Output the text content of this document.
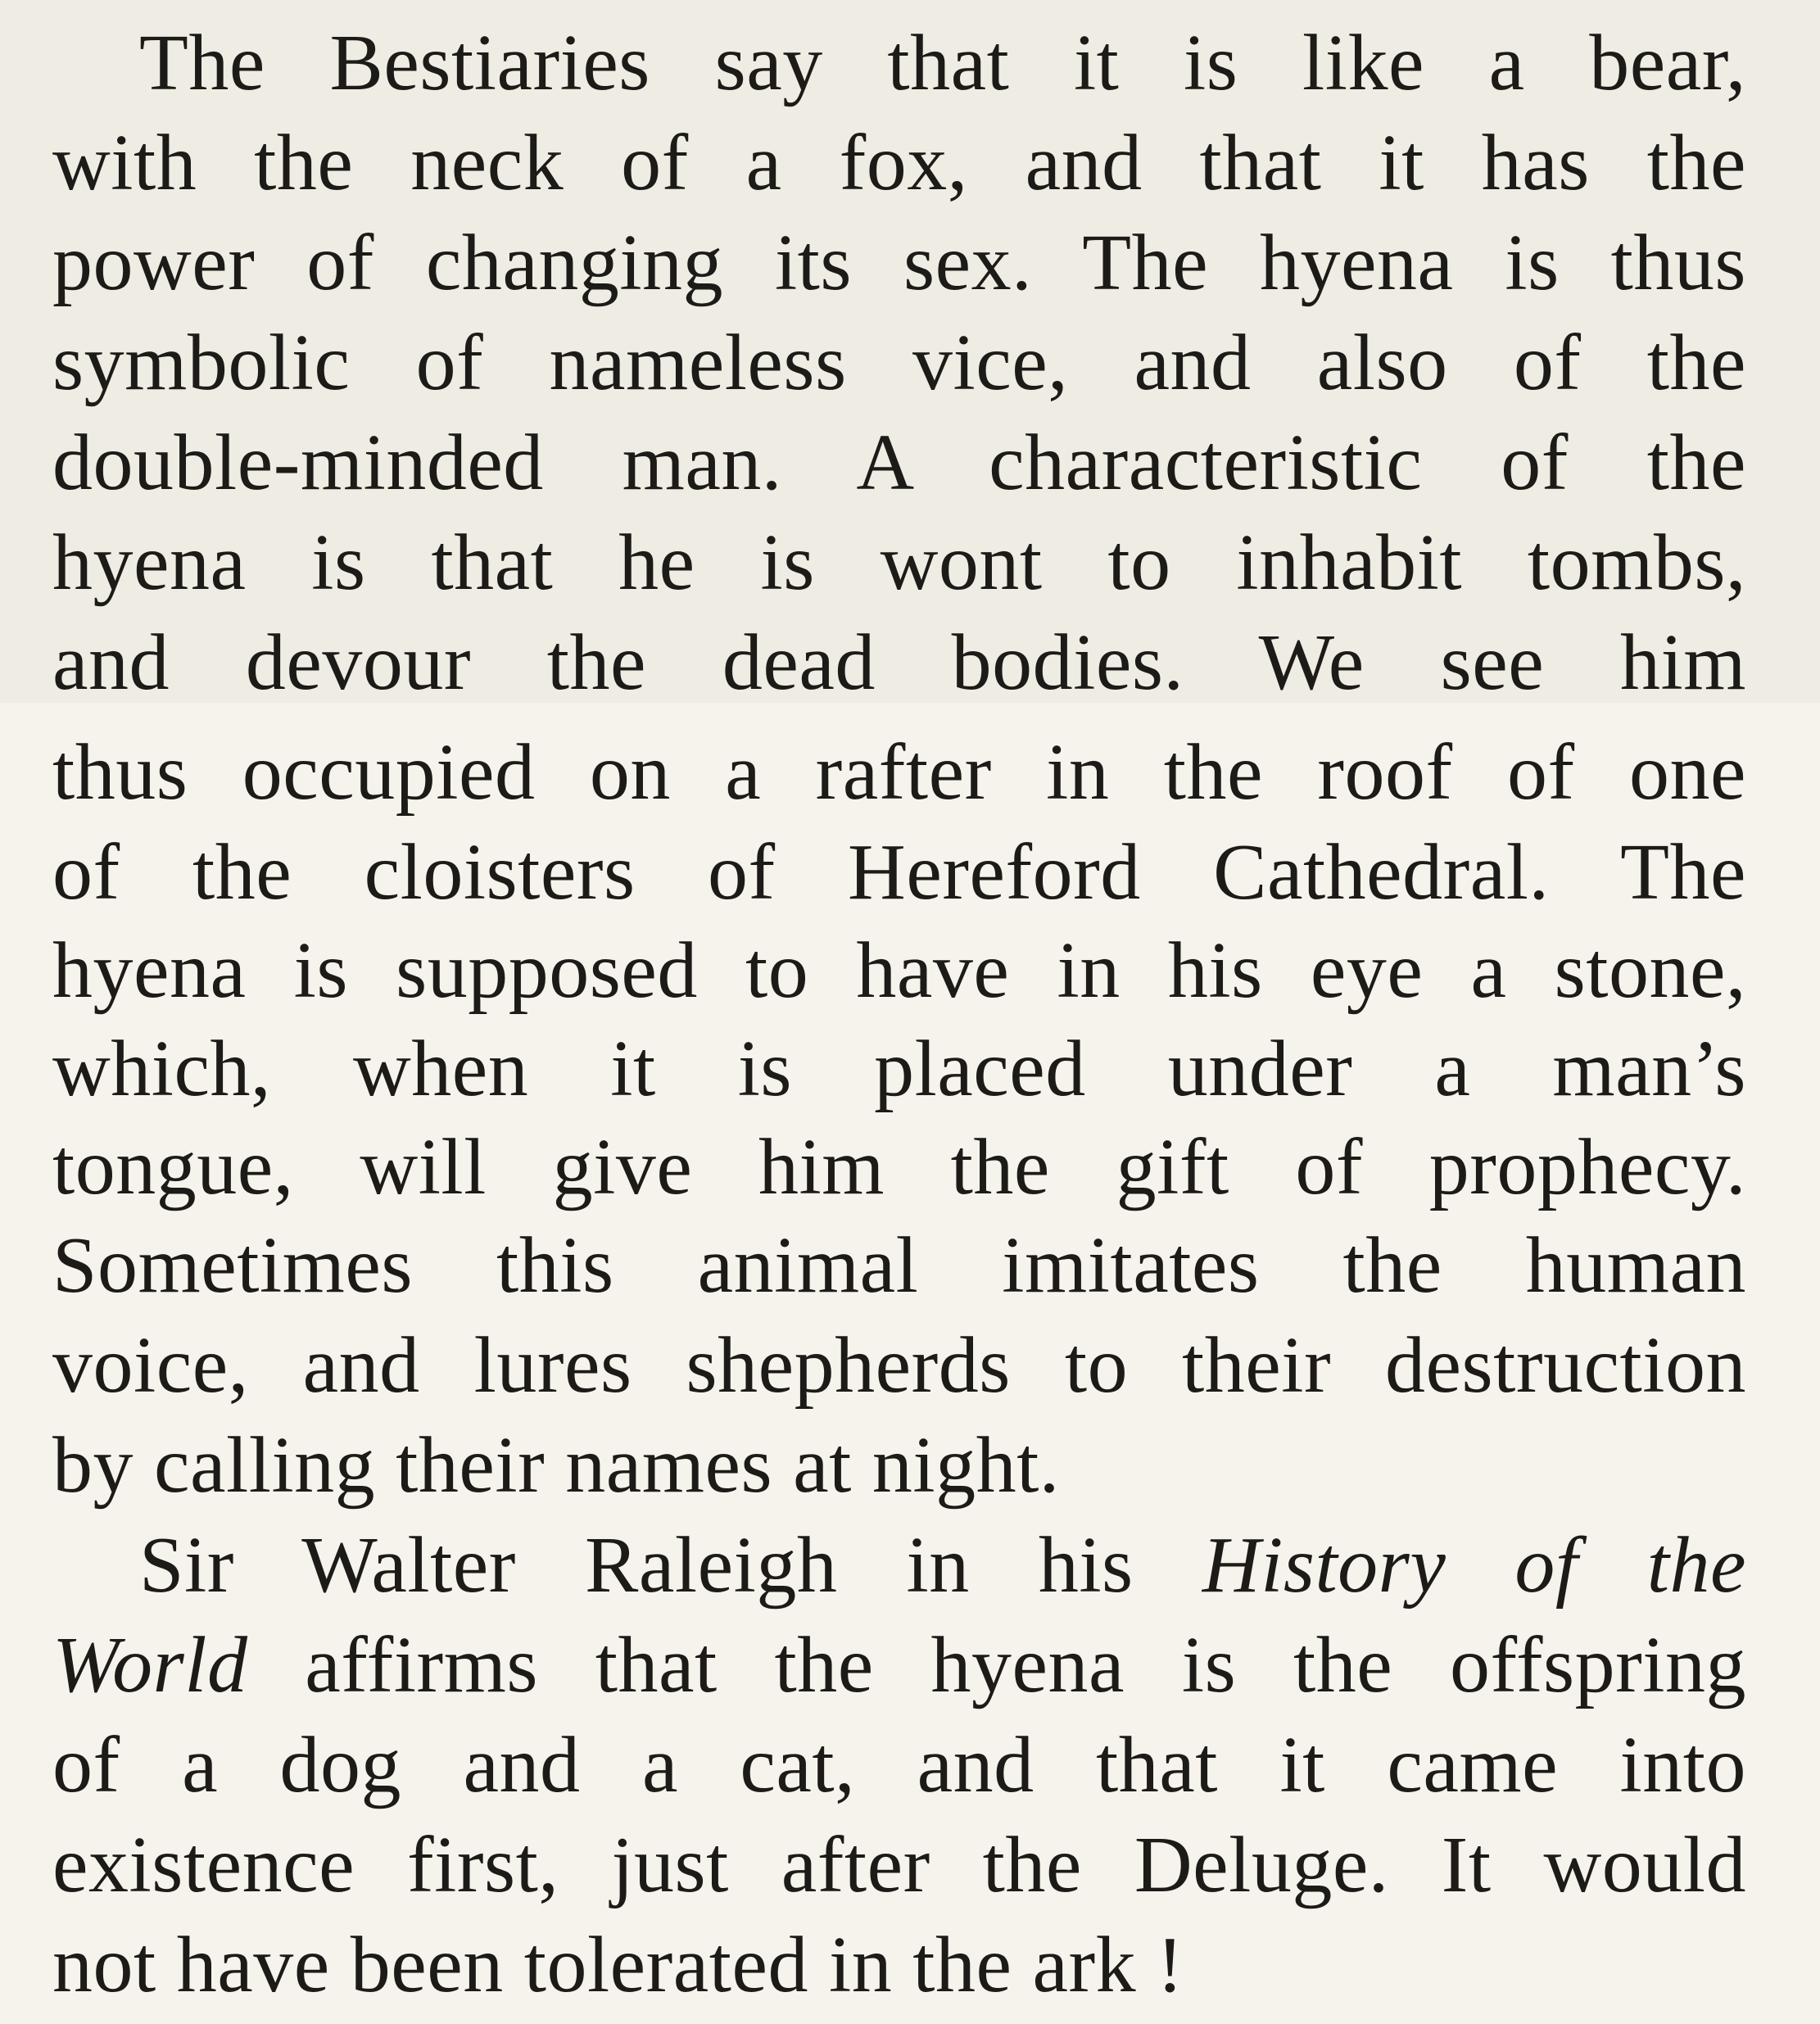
The Bestiaries say that it is like a bear,
with the neck of a fox, and that it has the
power of changing its sex. The hyena is thus
symbolic of nameless vice, and also of the
double-minded man. A characteristic of the
hyena is that he is wont to inhabit tombs,
and devour the dead bodies. We see him
thus occupied on a rafter in the roof of one
of the cloisters of Hereford Cathedral. The
hyena is supposed to have in his eye a stone,
which, when it is placed under a man’s
tongue, will give him the gift of prophecy.
Sometimes this animal imitates the human
voice, and lures shepherds to their destruction
by calling their names at night.
Sir Walter Raleigh in his History of the
World affirms that the hyena is the offspring
of a dog and a cat, and that it came into
existence first, just after the Deluge. It would
not have been tolerated in the ark !
